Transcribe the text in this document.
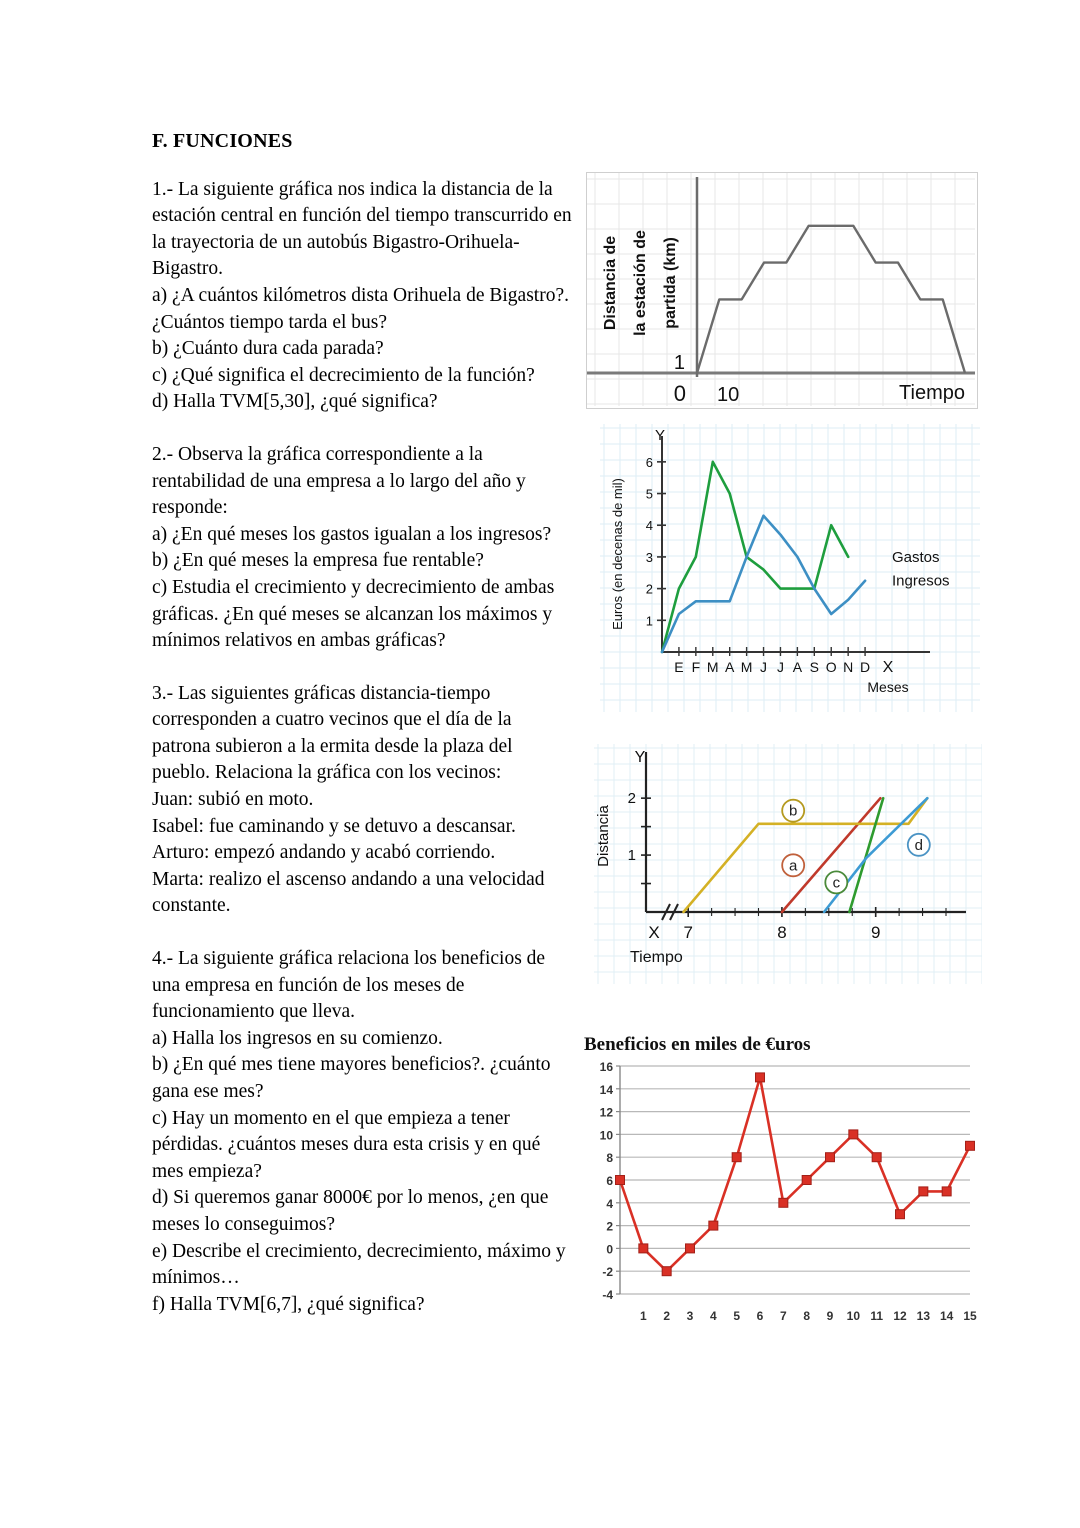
F. FUNCIONES

1.- La siguiente gráfica nos indica la distancia de la estación central en función del tiempo transcurrido en la trayectoria de un autobús Bigastro-Orihuela-Bigastro.

a) ¿A cuántos kilómetros dista Orihuela de Bigastro?. ¿Cuántos tiempo tarda el bus?

b) ¿Cuánto dura cada parada?

c) ¿Qué significa el decrecimiento de la función?

d) Halla TVM[5,30], ¿qué significa?

2.- Observa la gráfica correspondiente a la rentabilidad de una empresa a lo largo del año y responde:

a) ¿En qué meses los gastos igualan a los ingresos?

b) ¿En qué meses la empresa fue rentable?

c) Estudia el crecimiento y decrecimiento de ambas gráficas. ¿En qué meses se alcanzan los máximos y mínimos relativos en ambas gráficas?

3.- Las siguientes gráficas distancia-tiempo corresponden a cuatro vecinos que el día de la patrona subieron a la ermita desde la plaza del pueblo. Relaciona la gráfica con los vecinos:

Juan: subió en moto.

Isabel: fue caminando y se detuvo a descansar.

Arturo: empezó andando y acabó corriendo.

Marta: realizo el ascenso andando a una velocidad constante.

4.- La siguiente gráfica relaciona los beneficios de una empresa en función de los meses de funcionamiento que lleva.

a) Halla los ingresos en su comienzo.

b) ¿En qué mes tiene mayores beneficios?. ¿cuánto gana ese mes?

c) Hay un momento en el que empieza a tener pérdidas. ¿cuántos meses dura esta crisis y en qué mes empieza?

d) Si queremos ganar 8000€ por lo menos, ¿en que meses lo conseguimos?

e) Describe el crecimiento, decrecimiento, máximo y mínimos…

f) Halla TVM[6,7], ¿qué significa?

Distancia de la estación de partida (km)
1
0 10	Tiempo
1
2
3
4
5
6
E F M A M J J A S O N D
Gastos
Ingresos
Euros (en decenas de mil)
Y
X
Meses
1
2
7	8	9
b
a
c
d
Y
Distancia
X
Tiempo
Beneficios en miles de €uros
-4
-2
0
2
4
6
8
10
12
14
16
1 2 3 4 5 6 7 8 9 10 11 12 13 14 15
